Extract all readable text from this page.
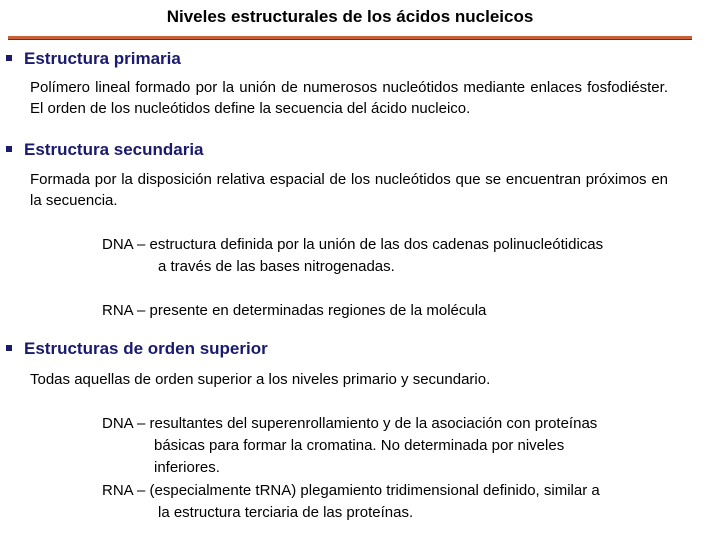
Niveles estructurales de los ácidos nucleicos
Estructura primaria
Polímero lineal formado por la unión de numerosos nucleótidos mediante enlaces fosfodiéster. El orden de los nucleótidos define la secuencia del ácido nucleico.
Estructura secundaria
Formada por la disposición relativa espacial de los nucleótidos que se encuentran próximos en la secuencia.
DNA – estructura definida por la unión de las dos cadenas polinucleótidicas
a través de las bases nitrogenadas.
RNA – presente en determinadas regiones de la molécula
Estructuras de orden superior
Todas aquellas de orden superior a los niveles primario y secundario.
DNA – resultantes del superenrollamiento y de la asociación con proteínas
básicas para formar la cromatina. No determinada por niveles inferiores.
RNA – (especialmente tRNA) plegamiento tridimensional definido, similar a
la estructura terciaria de las proteínas.
